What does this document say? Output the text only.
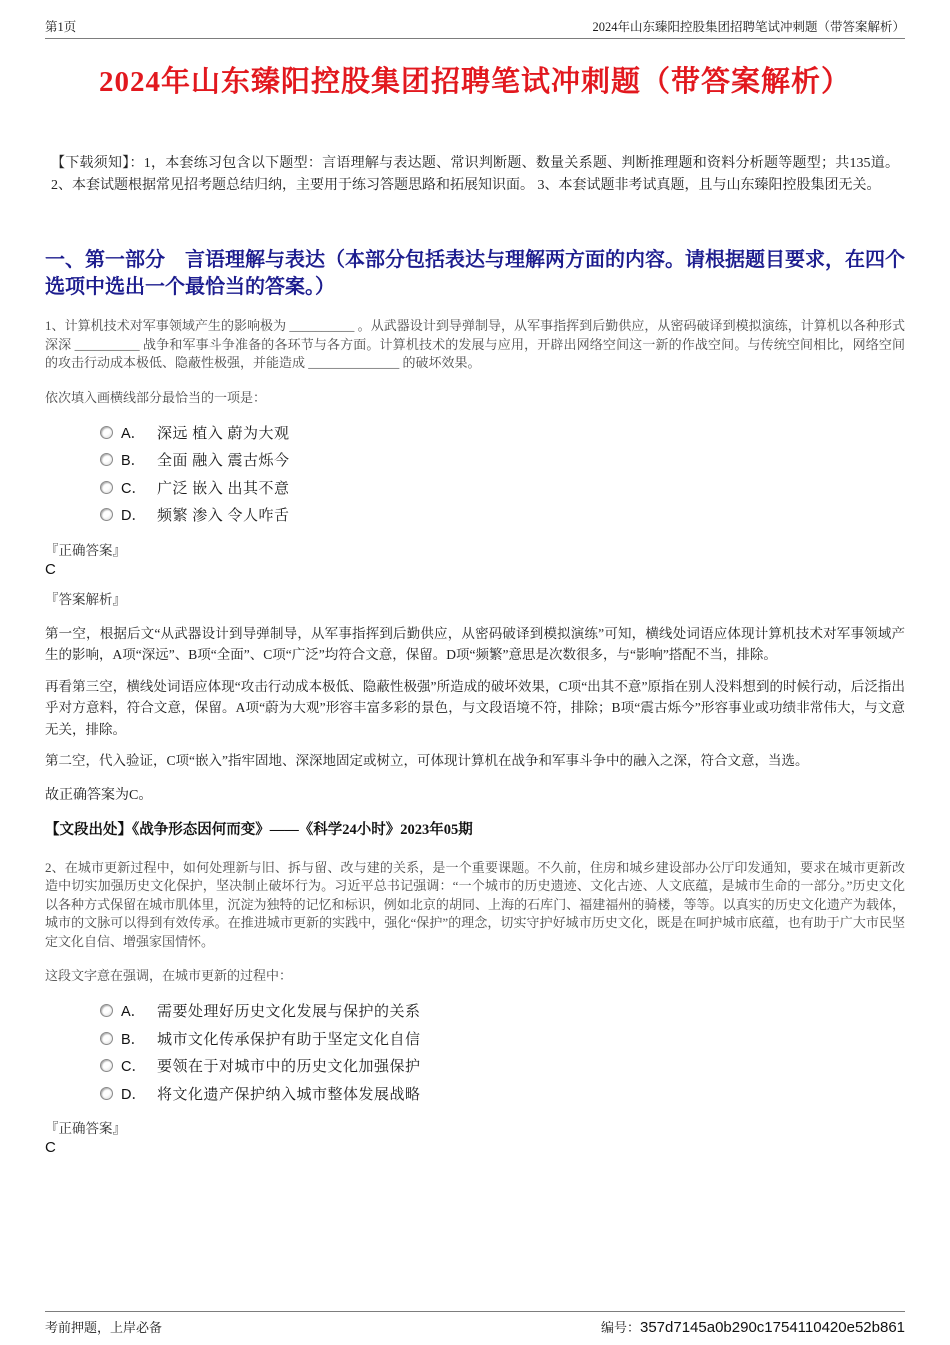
第1页	2024年山东臻阳控股集团招聘笔试冲刺题（带答案解析）
2024年山东臻阳控股集团招聘笔试冲刺题（带答案解析）

【下载须知】：1，本套练习包含以下题型：言语理解与表达题、常识判断题、数量关系题、判断推理题和资料分析题等题型；共135道。2、本套试题根据常见招考题总结归纳，主要用于练习答题思路和拓展知识面。 3、本套试题非考试真题，且与山东臻阳控股集团无关。

一、第一部分　言语理解与表达（本部分包括表达与理解两方面的内容。请根据题目要求，在四个选项中选出一个最恰当的答案。）

1、计算机技术对军事领域产生的影响极为 __________ 。从武器设计到导弹制导，从军事指挥到后勤供应，从密码破译到模拟演练，计算机以各种形式深深 __________ 战争和军事斗争准备的各环节与各方面。计算机技术的发展与应用，开辟出网络空间这一新的作战空间。与传统空间相比，网络空间的攻击行动成本极低、隐蔽性极强，并能造成 ______________ 的破坏效果。

依次填入画横线部分最恰当的一项是：

A． 深远 植入 蔚为大观
B． 全面 融入 震古烁今
C． 广泛 嵌入 出其不意
D． 频繁 渗入 令人咋舌

『正确答案』

C

『答案解析』

第一空，根据后文“从武器设计到导弹制导，从军事指挥到后勤供应，从密码破译到模拟演练”可知，横线处词语应体现计算机技术对军事领域产生的影响，A项“深远”、B项“全面”、C项“广泛”均符合文意，保留。D项“频繁”意思是次数很多，与“影响”搭配不当，排除。

再看第三空，横线处词语应体现“攻击行动成本极低、隐蔽性极强”所造成的破坏效果，C项“出其不意”原指在别人没料想到的时候行动，后泛指出乎对方意料，符合文意，保留。A项“蔚为大观”形容丰富多彩的景色，与文段语境不符，排除；B项“震古烁今”形容事业或功绩非常伟大，与文意无关，排除。

第二空，代入验证，C项“嵌入”指牢固地、深深地固定或树立，可体现计算机在战争和军事斗争中的融入之深，符合文意，当选。

故正确答案为C。

【文段出处】《战争形态因何而变》——《科学24小时》2023年05期

2、在城市更新过程中，如何处理新与旧、拆与留、改与建的关系，是一个重要课题。不久前，住房和城乡建设部办公厅印发通知，要求在城市更新改造中切实加强历史文化保护，坚决制止破坏行为。习近平总书记强调：“一个城市的历史遗迹、文化古迹、人文底蕴，是城市生命的一部分。”历史文化以各种方式保留在城市肌体里，沉淀为独特的记忆和标识，例如北京的胡同、上海的石库门、福建福州的骑楼，等等。以真实的历史文化遗产为载体，城市的文脉可以得到有效传承。在推进城市更新的实践中，强化“保护”的理念，切实守护好城市历史文化，既是在呵护城市底蕴，也有助于广大市民坚定文化自信、增强家国情怀。

这段文字意在强调，在城市更新的过程中：

A． 需要处理好历史文化发展与保护的关系
B． 城市文化传承保护有助于坚定文化自信
C． 要领在于对城市中的历史文化加强保护
D． 将文化遗产保护纳入城市整体发展战略

『正确答案』

C

考前押题，上岸必备	编号：357d7145a0b290c1754110420e52b861
